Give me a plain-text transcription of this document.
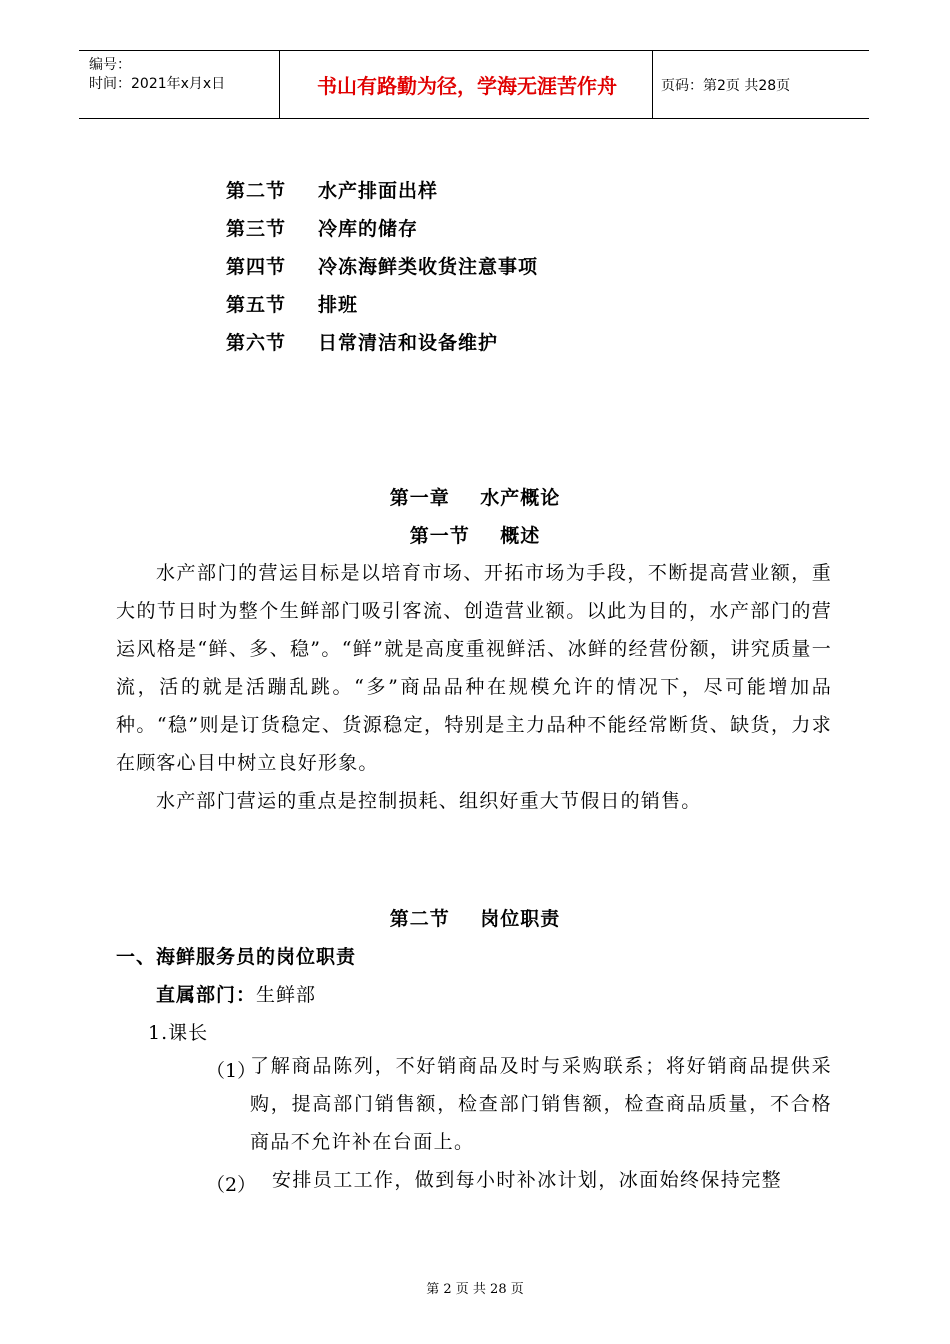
编号：
时间：2021年x月x日	书山有路勤为径，学海无涯苦作舟	页码：第2页 共28页
第二节	水产排面出样
第三节	冷库的储存
第四节	冷冻海鲜类收货注意事项
第五节	排班
第六节	日常清洁和设备维护
第一章    水产概论
第一节    概述
水产部门的营运目标是以培育市场、开拓市场为手段，不断提高营业额，重大的节日时为整个生鲜部门吸引客流、创造营业额。以此为目的，水产部门的营运风格是“鲜、多、稳”。“鲜”就是高度重视鲜活、冰鲜的经营份额，讲究质量一流，活的就是活蹦乱跳。“多”商品品种在规模允许的情况下，尽可能增加品种。“稳”则是订货稳定、货源稳定，特别是主力品种不能经常断货、缺货，力求在顾客心目中树立良好形象。
水产部门营运的重点是控制损耗、组织好重大节假日的销售。
第二节    岗位职责
一、海鲜服务员的岗位职责
直属部门：生鲜部
1.课长
（1）
了解商品陈列，不好销商品及时与采购联系；将好销商品提供采购，提高部门销售额，检查部门销售额，检查商品质量，不合格商品不允许补在台面上。
（2） 安排员工工作，做到每小时补冰计划，冰面始终保持完整
第 2 页 共 28 页
